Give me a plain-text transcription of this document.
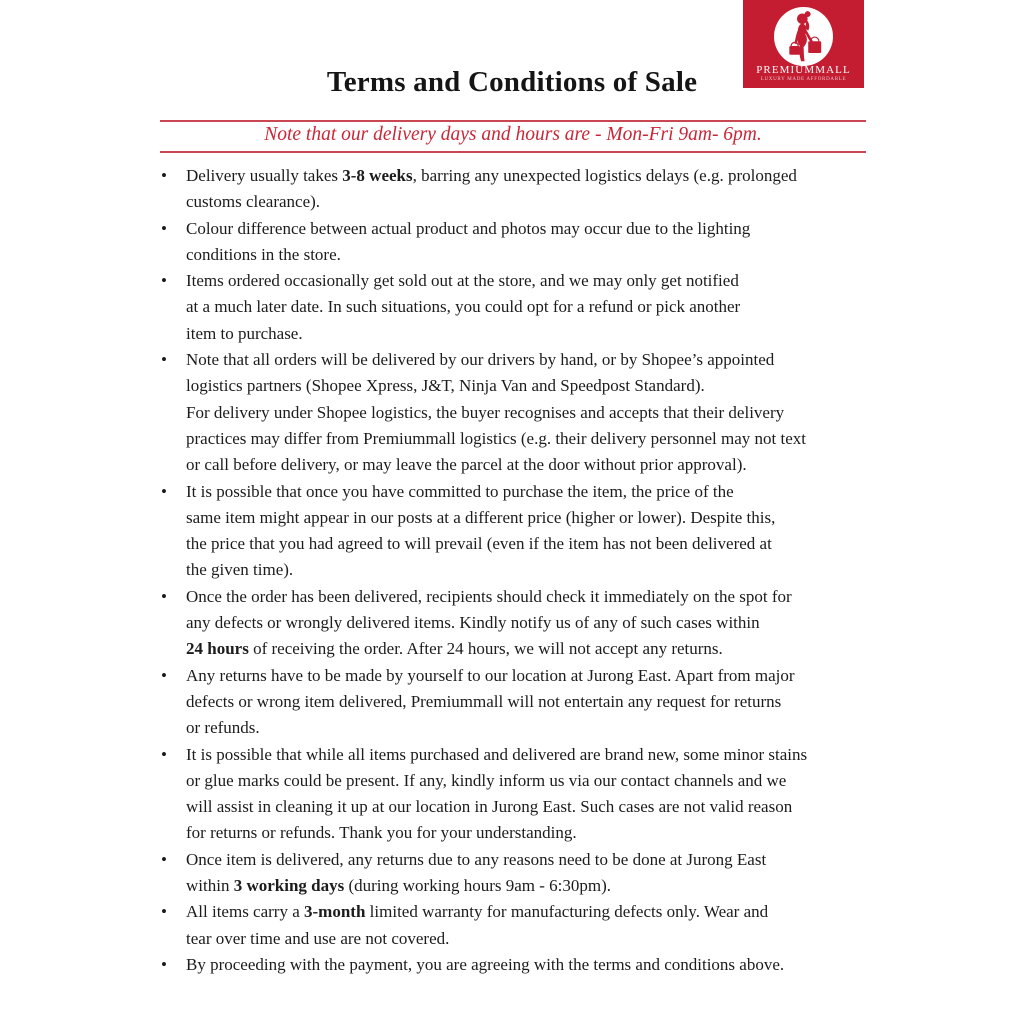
Terms and Conditions of Sale	PREMIUMMALL
LUXURY MADE AFFORDABLE

Note that our delivery days and hours are - Mon-Fri 9am- 6pm.

• Delivery usually takes 3-8 weeks, barring any unexpected logistics delays (e.g. prolonged
customs clearance).
• Colour difference between actual product and photos may occur due to the lighting
conditions in the store.
• Items ordered occasionally get sold out at the store, and we may only get notified
at a much later date. In such situations, you could opt for a refund or pick another
item to purchase.
• Note that all orders will be delivered by our drivers by hand, or by Shopee’s appointed
logistics partners (Shopee Xpress, J&T, Ninja Van and Speedpost Standard).
For delivery under Shopee logistics, the buyer recognises and accepts that their delivery
practices may differ from Premiummall logistics (e.g. their delivery personnel may not text
or call before delivery, or may leave the parcel at the door without prior approval).
• It is possible that once you have committed to purchase the item, the price of the
same item might appear in our posts at a different price (higher or lower). Despite this,
the price that you had agreed to will prevail (even if the item has not been delivered at
the given time).
• Once the order has been delivered, recipients should check it immediately on the spot for
any defects or wrongly delivered items. Kindly notify us of any of such cases within
24 hours of receiving the order. After 24 hours, we will not accept any returns.
• Any returns have to be made by yourself to our location at Jurong East. Apart from major
defects or wrong item delivered, Premiummall will not entertain any request for returns
or refunds.
• It is possible that while all items purchased and delivered are brand new, some minor stains
or glue marks could be present. If any, kindly inform us via our contact channels and we
will assist in cleaning it up at our location in Jurong East. Such cases are not valid reason
for returns or refunds. Thank you for your understanding.
• Once item is delivered, any returns due to any reasons need to be done at Jurong East
within 3 working days (during working hours 9am - 6:30pm).
• All items carry a 3-month limited warranty for manufacturing defects only. Wear and
tear over time and use are not covered.
• By proceeding with the payment, you are agreeing with the terms and conditions above.
